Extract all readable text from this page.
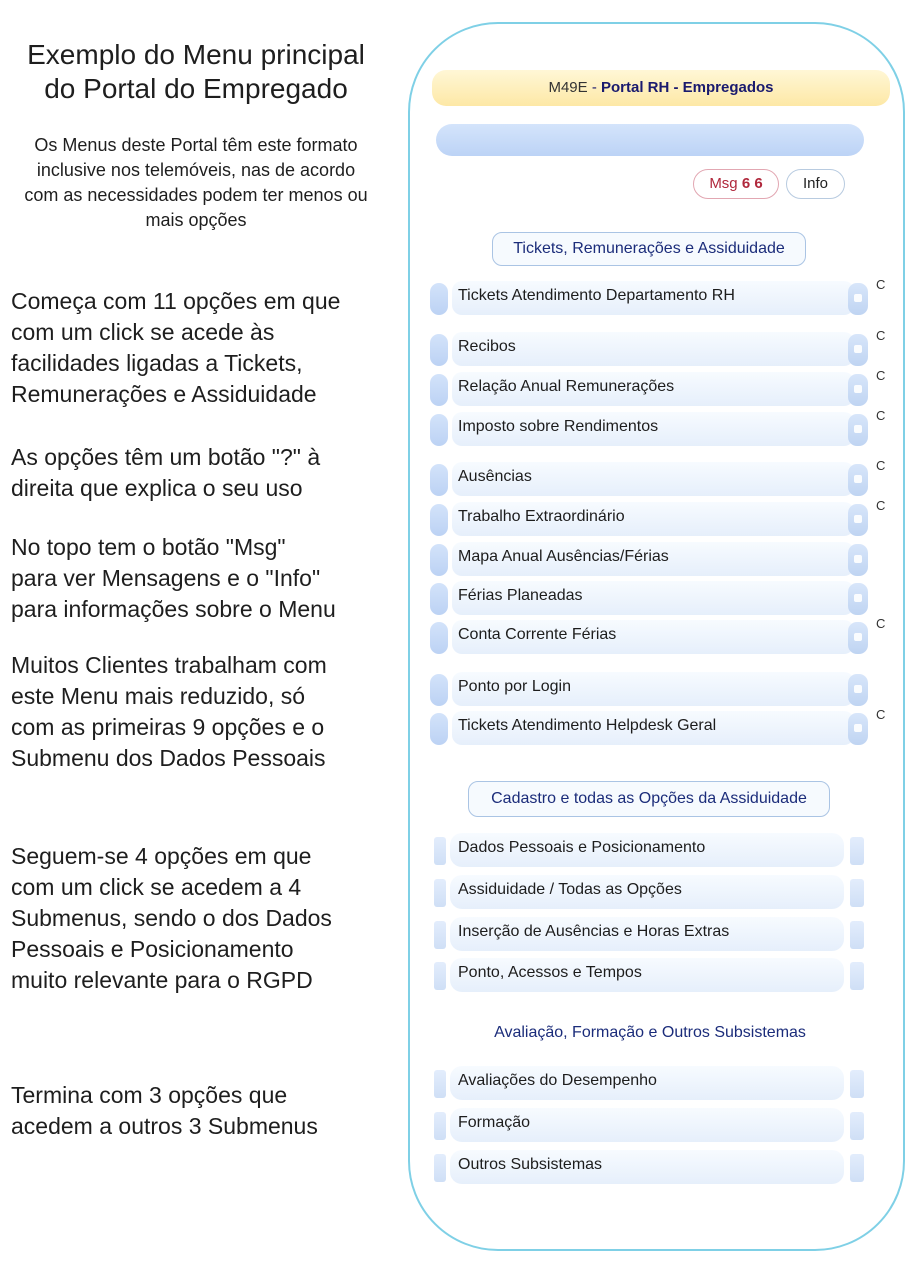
Exemplo do Menu principal
do Portal do Empregado
Os Menus deste Portal têm este formato inclusive nos telemóveis, nas de acordo com as necessidades podem ter menos ou mais opções
Começa com 11 opções em que
com um click se acede às
facilidades ligadas a Tickets,
Remunerações e Assiduidade
As opções têm um botão "?" à
direita que explica o seu uso
No topo tem o botão "Msg"
para ver Mensagens e o "Info"
para informações sobre o Menu
Muitos Clientes trabalham com
este Menu mais reduzido, só
com as primeiras 9 opções e o
Submenu dos Dados Pessoais
Seguem-se 4 opções em que
com um click se acedem a 4
Submenus, sendo o dos Dados
Pessoais e Posicionamento
muito relevante para o RGPD
Termina com 3 opções que
acedem a outros 3 Submenus
M49E - Portal RH - Empregados
Msg 6 6	Info
Tickets, Remunerações e Assiduidade
Tickets Atendimento Departamento RH
C
Recibos
C
Relação Anual Remunerações
C
Imposto sobre Rendimentos
C
Ausências
C
Trabalho Extraordinário
C
Mapa Anual Ausências/Férias
Férias Planeadas
Conta Corrente Férias
C
Ponto por Login
Tickets Atendimento Helpdesk Geral
C
Cadastro e todas as Opções da Assiduidade
Dados Pessoais e Posicionamento
Assiduidade / Todas as Opções
Inserção de Ausências e Horas Extras
Ponto, Acessos e Tempos
Avaliação, Formação e Outros Subsistemas
Avaliações do Desempenho
Formação
Outros Subsistemas
